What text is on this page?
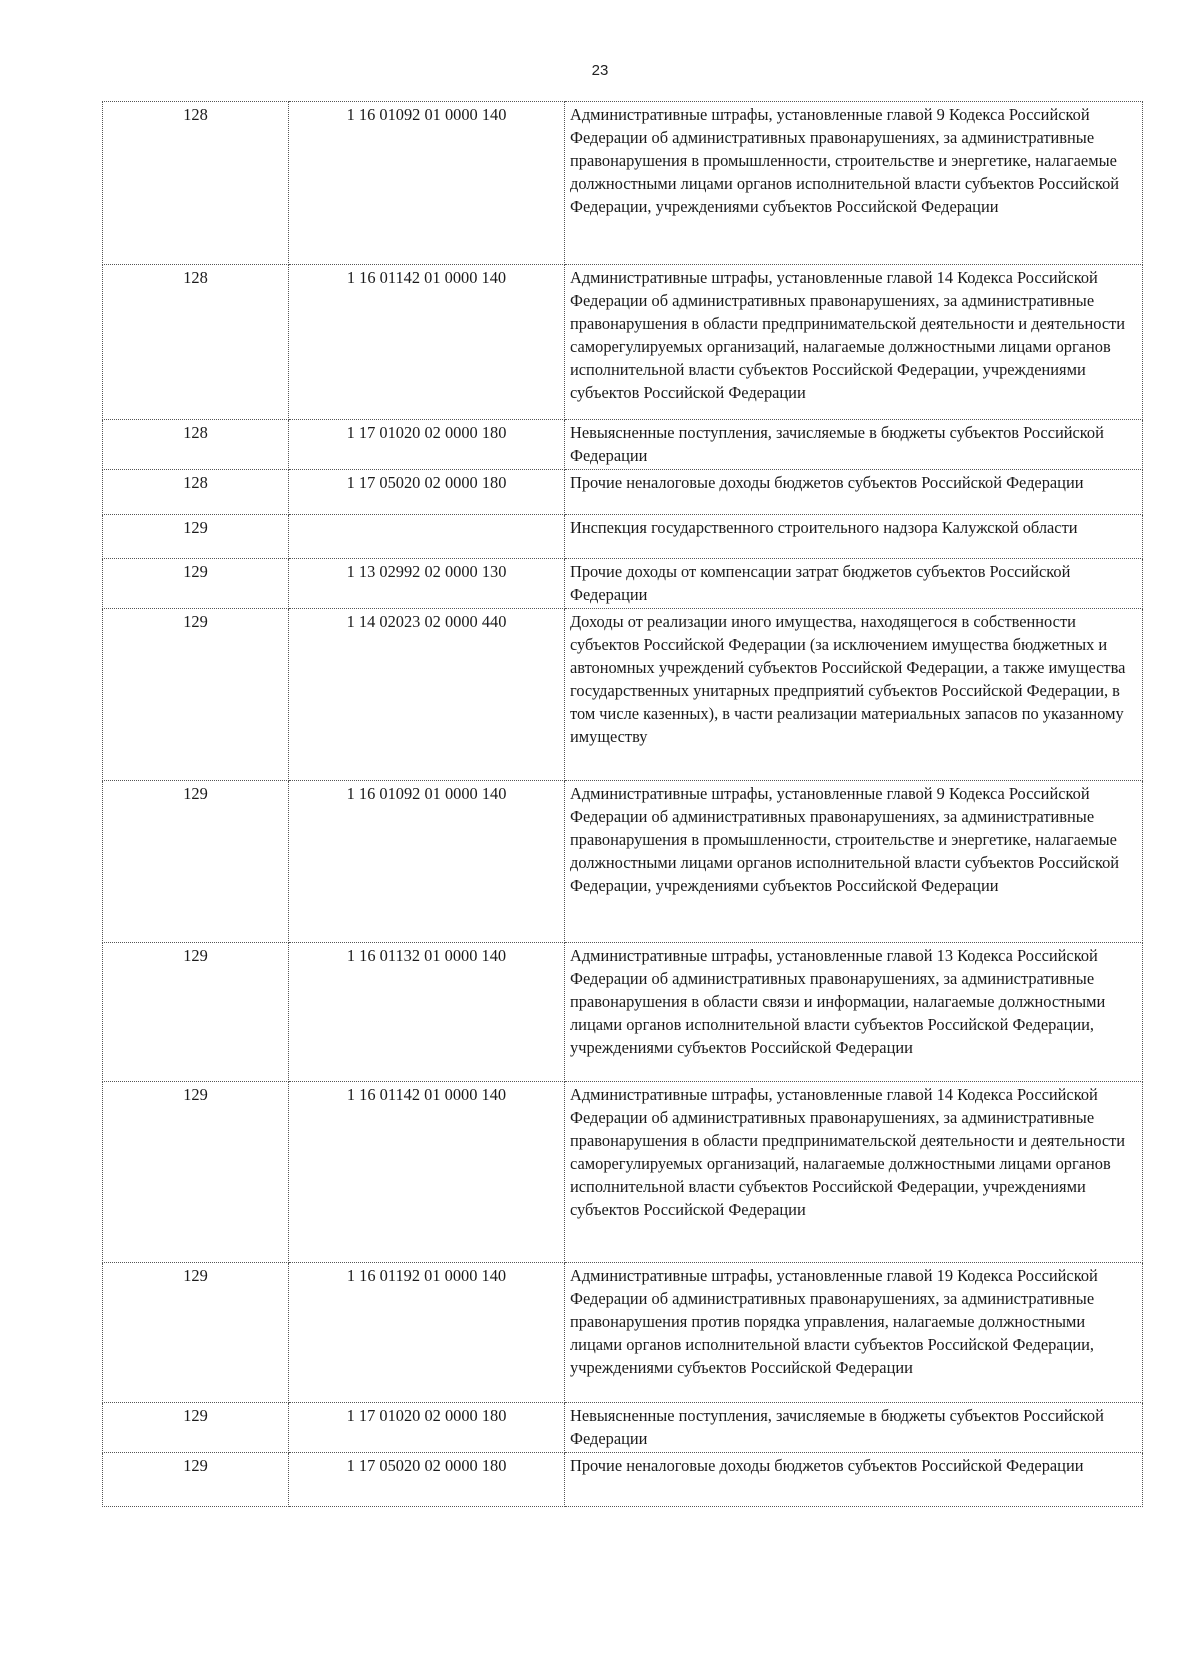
23
128	1 16 01092 01 0000 140	Административные штрафы, установленные главой 9 Кодекса Российской Федерации об административных правонарушениях, за административные правонарушения в промышленности, строительстве и энергетике, налагаемые должностными лицами органов исполнительной власти субъектов Российской Федерации, учреждениями субъектов Российской Федерации
128	1 16 01142 01 0000 140	Административные штрафы, установленные главой 14 Кодекса Российской Федерации об административных правонарушениях, за административные правонарушения в области предпринимательской деятельности и деятельности саморегулируемых организаций, налагаемые должностными лицами органов исполнительной власти субъектов Российской Федерации, учреждениями субъектов Российской Федерации
128	1 17 01020 02 0000 180	Невыясненные поступления, зачисляемые в бюджеты субъектов Российской Федерации
128	1 17 05020 02 0000 180	Прочие неналоговые доходы бюджетов субъектов Российской Федерации
129		Инспекция государственного строительного надзора Калужской области
129	1 13 02992 02 0000 130	Прочие доходы от компенсации затрат бюджетов субъектов Российской Федерации
129	1 14 02023 02 0000 440	Доходы от реализации иного имущества, находящегося в собственности субъектов Российской Федерации (за исключением имущества бюджетных и автономных учреждений субъектов Российской Федерации, а также имущества государственных унитарных предприятий субъектов Российской Федерации, в том числе казенных), в части реализации материальных запасов по указанному имуществу
129	1 16 01092 01 0000 140	Административные штрафы, установленные главой 9 Кодекса Российской Федерации об административных правонарушениях, за административные правонарушения в промышленности, строительстве и энергетике, налагаемые должностными лицами органов исполнительной власти субъектов Российской Федерации, учреждениями субъектов Российской Федерации
129	1 16 01132 01 0000 140	Административные штрафы, установленные главой 13 Кодекса Российской Федерации об административных правонарушениях, за административные правонарушения в области связи и информации, налагаемые должностными лицами органов исполнительной власти субъектов Российской Федерации, учреждениями субъектов Российской Федерации
129	1 16 01142 01 0000 140	Административные штрафы, установленные главой 14 Кодекса Российской Федерации об административных правонарушениях, за административные правонарушения в области предпринимательской деятельности и деятельности саморегулируемых организаций, налагаемые должностными лицами органов исполнительной власти субъектов Российской Федерации, учреждениями субъектов Российской Федерации
129	1 16 01192 01 0000 140	Административные штрафы, установленные главой 19 Кодекса Российской Федерации об административных правонарушениях, за административные правонарушения против порядка управления, налагаемые должностными лицами органов исполнительной власти субъектов Российской Федерации, учреждениями субъектов Российской Федерации
129	1 17 01020 02 0000 180	Невыясненные поступления, зачисляемые в бюджеты субъектов Российской Федерации
129	1 17 05020 02 0000 180	Прочие неналоговые доходы бюджетов субъектов Российской Федерации
